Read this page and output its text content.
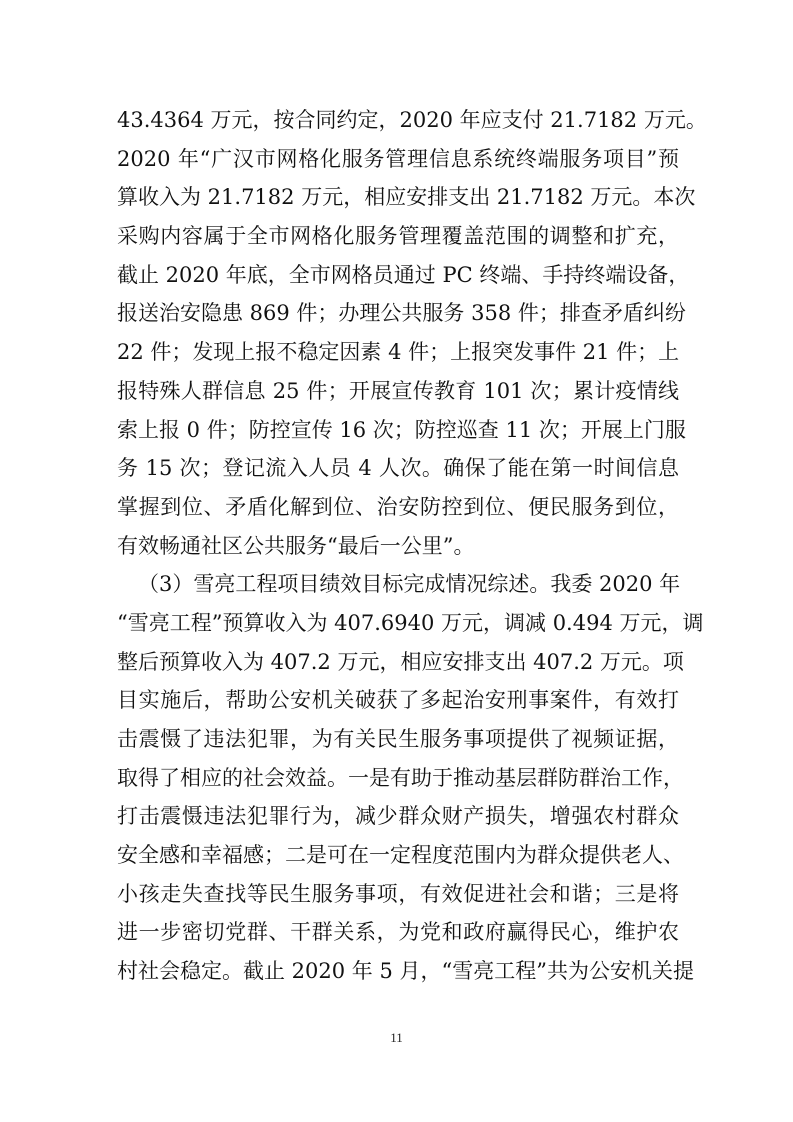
43.4364 万元，按合同约定，2020 年应支付 21.7182 万元。
2020 年“广汉市网格化服务管理信息系统终端服务项目”预
算收入为 21.7182 万元，相应安排支出 21.7182 万元。本次
采购内容属于全市网格化服务管理覆盖范围的调整和扩充，
截止 2020 年底，全市网格员通过 PC 终端、手持终端设备，
报送治安隐患 869 件；办理公共服务 358 件；排查矛盾纠纷
22 件；发现上报不稳定因素 4 件；上报突发事件 21 件；上
报特殊人群信息 25 件；开展宣传教育 101 次；累计疫情线
索上报 0 件；防控宣传 16 次；防控巡查 11 次；开展上门服
务 15 次；登记流入人员 4 人次。确保了能在第一时间信息
掌握到位、矛盾化解到位、治安防控到位、便民服务到位，
有效畅通社区公共服务“最后一公里”。
（3）雪亮工程项目绩效目标完成情况综述。我委 2020 年
“雪亮工程”预算收入为 407.6940 万元，调减 0.494 万元，调
整后预算收入为 407.2 万元，相应安排支出 407.2 万元。项
目实施后，帮助公安机关破获了多起治安刑事案件，有效打
击震慑了违法犯罪，为有关民生服务事项提供了视频证据，
取得了相应的社会效益。一是有助于推动基层群防群治工作，
打击震慑违法犯罪行为，减少群众财产损失，增强农村群众
安全感和幸福感；二是可在一定程度范围内为群众提供老人、
小孩走失查找等民生服务事项，有效促进社会和谐；三是将
进一步密切党群、干群关系，为党和政府赢得民心，维护农
村社会稳定。截止 2020 年 5 月，“雪亮工程”共为公安机关提
11
